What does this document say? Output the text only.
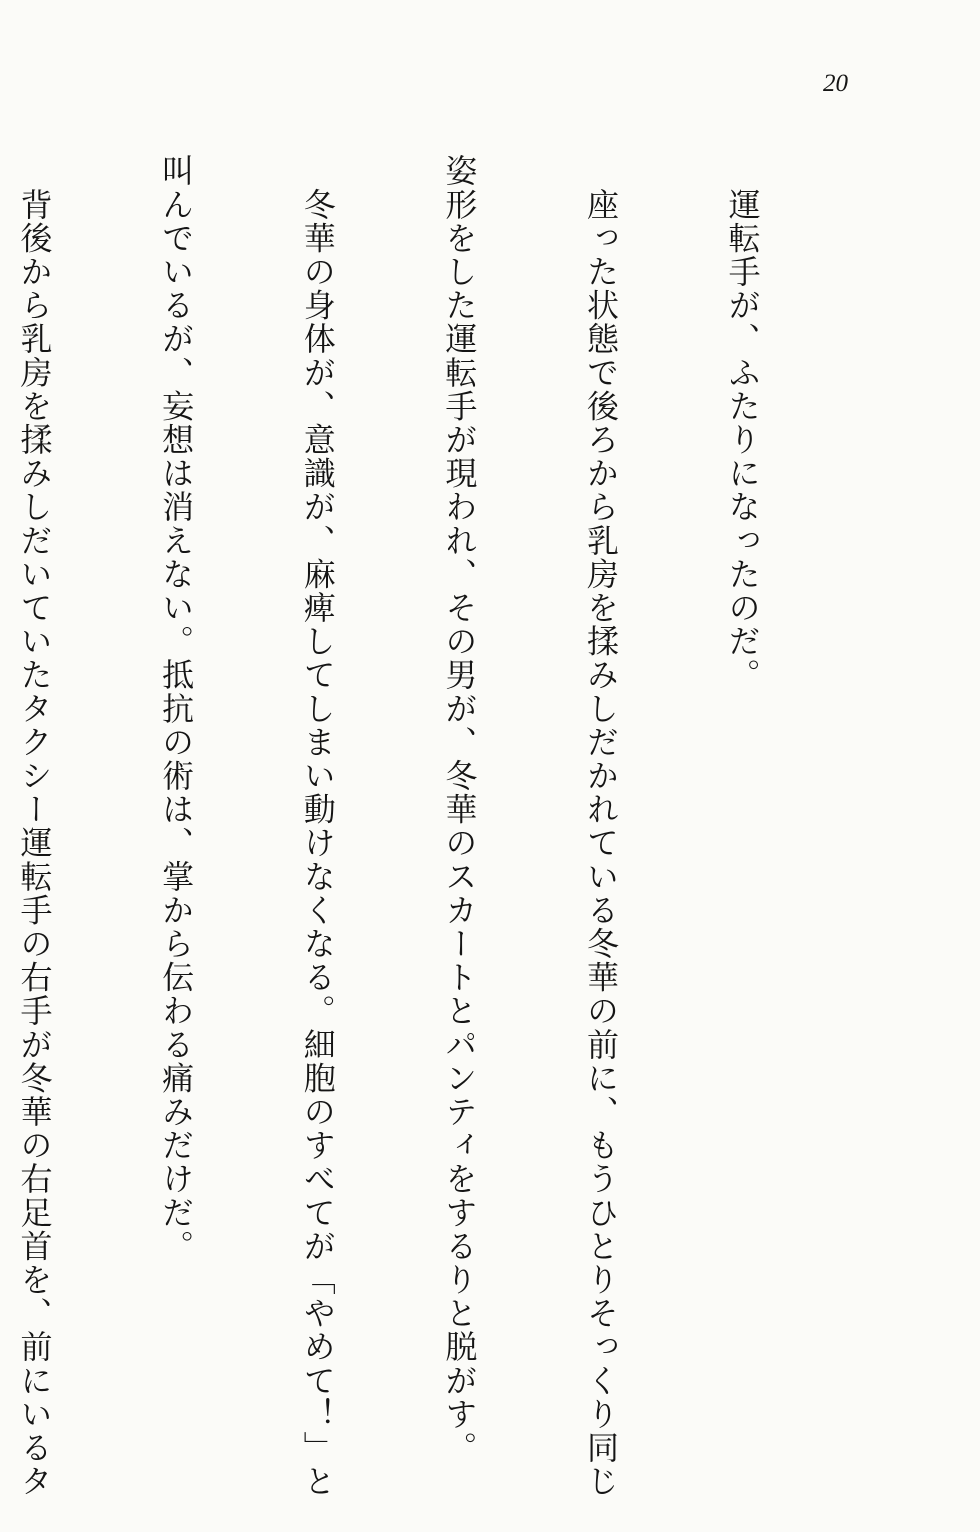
20

　運転手が、ふたりになったのだ。

　座った状態で後ろから乳房を揉みしだかれている冬華の前に、もうひとりそっくり同じ

姿形をした運転手が現われ、その男が、冬華のスカートとパンティをするりと脱がす。

　冬華の身体が、意識が、麻痺してしまい動けなくなる。細胞のすべてが「やめて！」と

叫んでいるが、妄想は消えない。抵抗の術は、掌から伝わる痛みだけだ。

　背後から乳房を揉みしだいていたタクシー運転手の右手が冬華の右足首を、前にいるタ
